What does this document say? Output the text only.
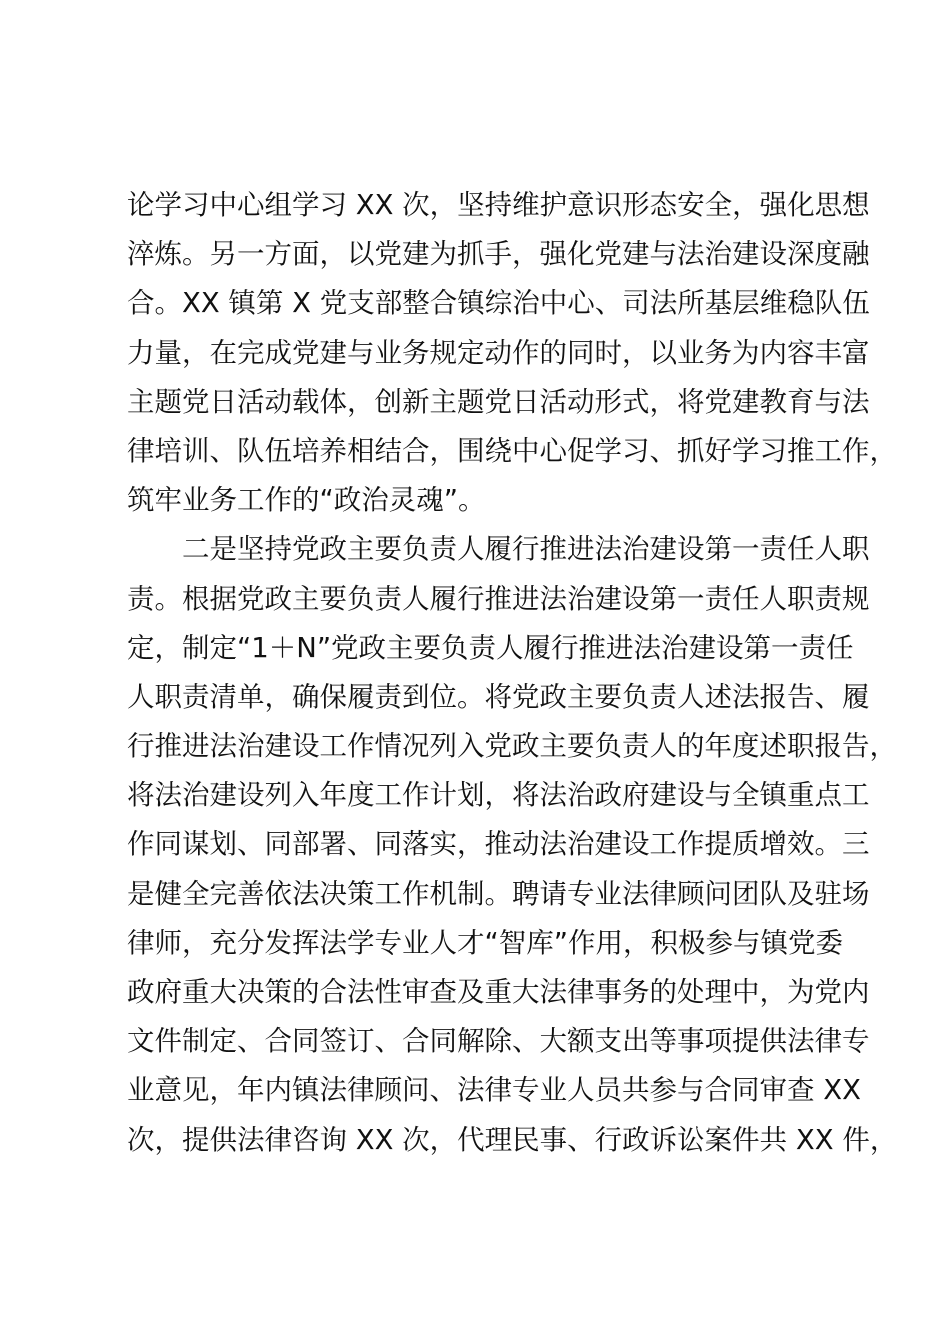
论学习中心组学习 XX 次，坚持维护意识形态安全，强化思想
淬炼。另一方面，以党建为抓手，强化党建与法治建设深度融
合。XX 镇第 X 党支部整合镇综治中心、司法所基层维稳队伍
力量，在完成党建与业务规定动作的同时，以业务为内容丰富
主题党日活动载体，创新主题党日活动形式，将党建教育与法
律培训、队伍培养相结合，围绕中心促学习、抓好学习推工作，
筑牢业务工作的“政治灵魂”。
二是坚持党政主要负责人履行推进法治建设第一责任人职
责。根据党政主要负责人履行推进法治建设第一责任人职责规
定，制定“1＋N”党政主要负责人履行推进法治建设第一责任
人职责清单，确保履责到位。将党政主要负责人述法报告、履
行推进法治建设工作情况列入党政主要负责人的年度述职报告，
将法治建设列入年度工作计划，将法治政府建设与全镇重点工
作同谋划、同部署、同落实，推动法治建设工作提质增效。三
是健全完善依法决策工作机制。聘请专业法律顾问团队及驻场
律师，充分发挥法学专业人才“智库”作用，积极参与镇党委
政府重大决策的合法性审查及重大法律事务的处理中，为党内
文件制定、合同签订、合同解除、大额支出等事项提供法律专
业意见，年内镇法律顾问、法律专业人员共参与合同审查 XX
次，提供法律咨询 XX 次，代理民事、行政诉讼案件共 XX 件，
